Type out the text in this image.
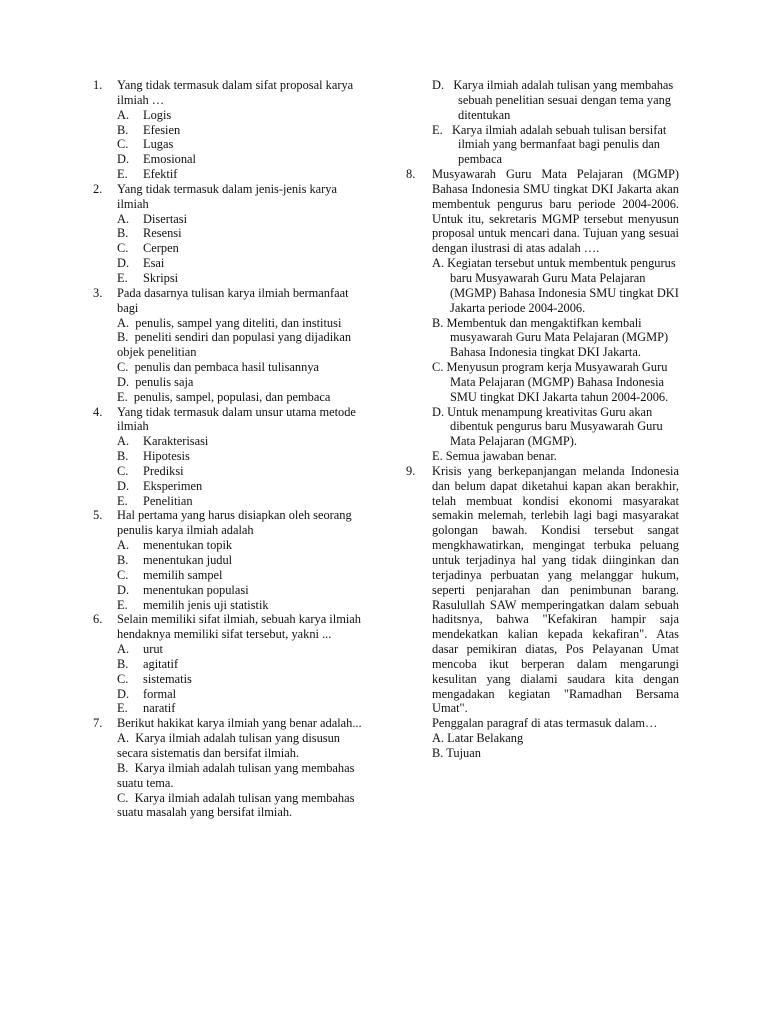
1. Yang tidak termasuk dalam sifat proposal karya ilmiah …
A. Logis
B. Efesien
C. Lugas
D. Emosional
E. Efektif
2. Yang tidak termasuk dalam jenis-jenis karya ilmiah
A. Disertasi
B. Resensi
C. Cerpen
D. Esai
E. Skripsi
3. Pada dasarnya tulisan karya ilmiah bermanfaat bagi
A. penulis, sampel yang diteliti, dan institusi
B. peneliti sendiri dan populasi yang dijadikan objek penelitian
C. penulis dan pembaca hasil tulisannya
D. penulis saja
E. penulis, sampel, populasi, dan pembaca
4. Yang tidak termasuk dalam unsur utama metode ilmiah
A. Karakterisasi
B. Hipotesis
C. Prediksi
D. Eksperimen
E. Penelitian
5. Hal pertama yang harus disiapkan oleh seorang penulis karya ilmiah adalah
A. menentukan topik
B. menentukan judul
C. memilih sampel
D. menentukan populasi
E. memilih jenis uji statistik
6. Selain memiliki sifat ilmiah, sebuah karya ilmiah hendaknya memiliki sifat tersebut, yakni ...
A. urut
B. agitatif
C. sistematis
D. formal
E. naratif
7. Berikut hakikat karya ilmiah yang benar adalah...
A. Karya ilmiah adalah tulisan yang disusun secara sistematis dan bersifat ilmiah.
B. Karya ilmiah adalah tulisan yang membahas suatu tema.
C. Karya ilmiah adalah tulisan yang membahas suatu masalah yang bersifat ilmiah.
D. Karya ilmiah adalah tulisan yang membahas sebuah penelitian sesuai dengan tema yang ditentukan
E. Karya ilmiah adalah sebuah tulisan bersifat ilmiah yang bermanfaat bagi penulis dan pembaca
8. Musyawarah Guru Mata Pelajaran (MGMP) Bahasa Indonesia SMU tingkat DKI Jakarta akan membentuk pengurus baru periode 2004-2006. Untuk itu, sekretaris MGMP tersebut menyusun proposal untuk mencari dana. Tujuan yang sesuai dengan ilustrasi di atas adalah ….
A. Kegiatan tersebut untuk membentuk pengurus baru Musyawarah Guru Mata Pelajaran (MGMP) Bahasa Indonesia SMU tingkat DKI Jakarta periode 2004-2006.
B. Membentuk dan mengaktifkan kembali musyawarah Guru Mata Pelajaran (MGMP) Bahasa Indonesia tingkat DKI Jakarta.
C. Menyusun program kerja Musyawarah Guru Mata Pelajaran (MGMP) Bahasa Indonesia SMU tingkat DKI Jakarta tahun 2004-2006.
D. Untuk menampung kreativitas Guru akan dibentuk pengurus baru Musyawarah Guru Mata Pelajaran (MGMP).
E. Semua jawaban benar.
9. Krisis yang berkepanjangan melanda Indonesia dan belum dapat diketahui kapan akan berakhir, telah membuat kondisi ekonomi masyarakat semakin melemah, terlebih lagi bagi masyarakat golongan bawah. Kondisi tersebut sangat mengkhawatirkan, mengingat terbuka peluang untuk terjadinya hal yang tidak diinginkan dan terjadinya perbuatan yang melanggar hukum, seperti penjarahan dan penimbunan barang. Rasulullah SAW memperingatkan dalam sebuah haditsnya, bahwa "Kefakiran hampir saja mendekatkan kalian kepada kekafiran". Atas dasar pemikiran diatas, Pos Pelayanan Umat mencoba ikut berperan dalam mengarungi kesulitan yang dialami saudara kita dengan mengadakan kegiatan "Ramadhan Bersama Umat".
Penggalan paragraf di atas termasuk dalam…
A. Latar Belakang
B. Tujuan
